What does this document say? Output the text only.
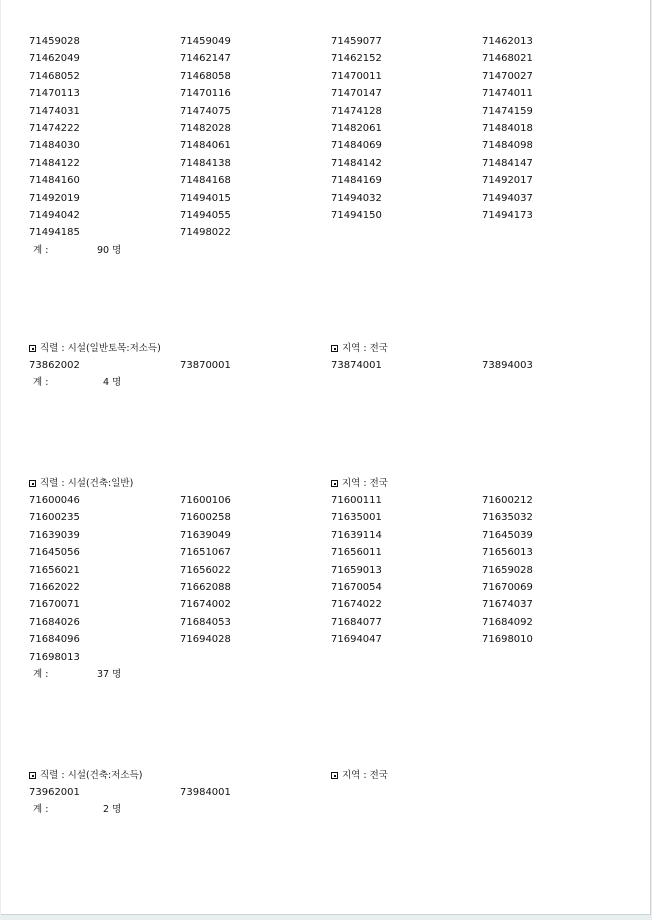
71459028	71459049	71459077	71462013
71462049	71462147	71462152	71468021
71468052	71468058	71470011	71470027
71470113	71470116	71470147	71474011
71474031	71474075	71474128	71474159
71474222	71482028	71482061	71484018
71484030	71484061	71484069	71484098
71484122	71484138	71484142	71484147
71484160	71484168	71484169	71492017
71492019	71494015	71494032	71494037
71494042	71494055	71494150	71494173
71494185	71498022
계 :	90 명
직렬 : 시설(일반토목:저소득)	지역 : 전국
73862002	73870001	73874001	73894003
계 :	4 명
직렬 : 시설(건축:일반)	지역 : 전국
71600046	71600106	71600111	71600212
71600235	71600258	71635001	71635032
71639039	71639049	71639114	71645039
71645056	71651067	71656011	71656013
71656021	71656022	71659013	71659028
71662022	71662088	71670054	71670069
71670071	71674002	71674022	71674037
71684026	71684053	71684077	71684092
71684096	71694028	71694047	71698010
71698013
계 :	37 명
직렬 : 시설(건축:저소득)	지역 : 전국
73962001	73984001
계 :	2 명
